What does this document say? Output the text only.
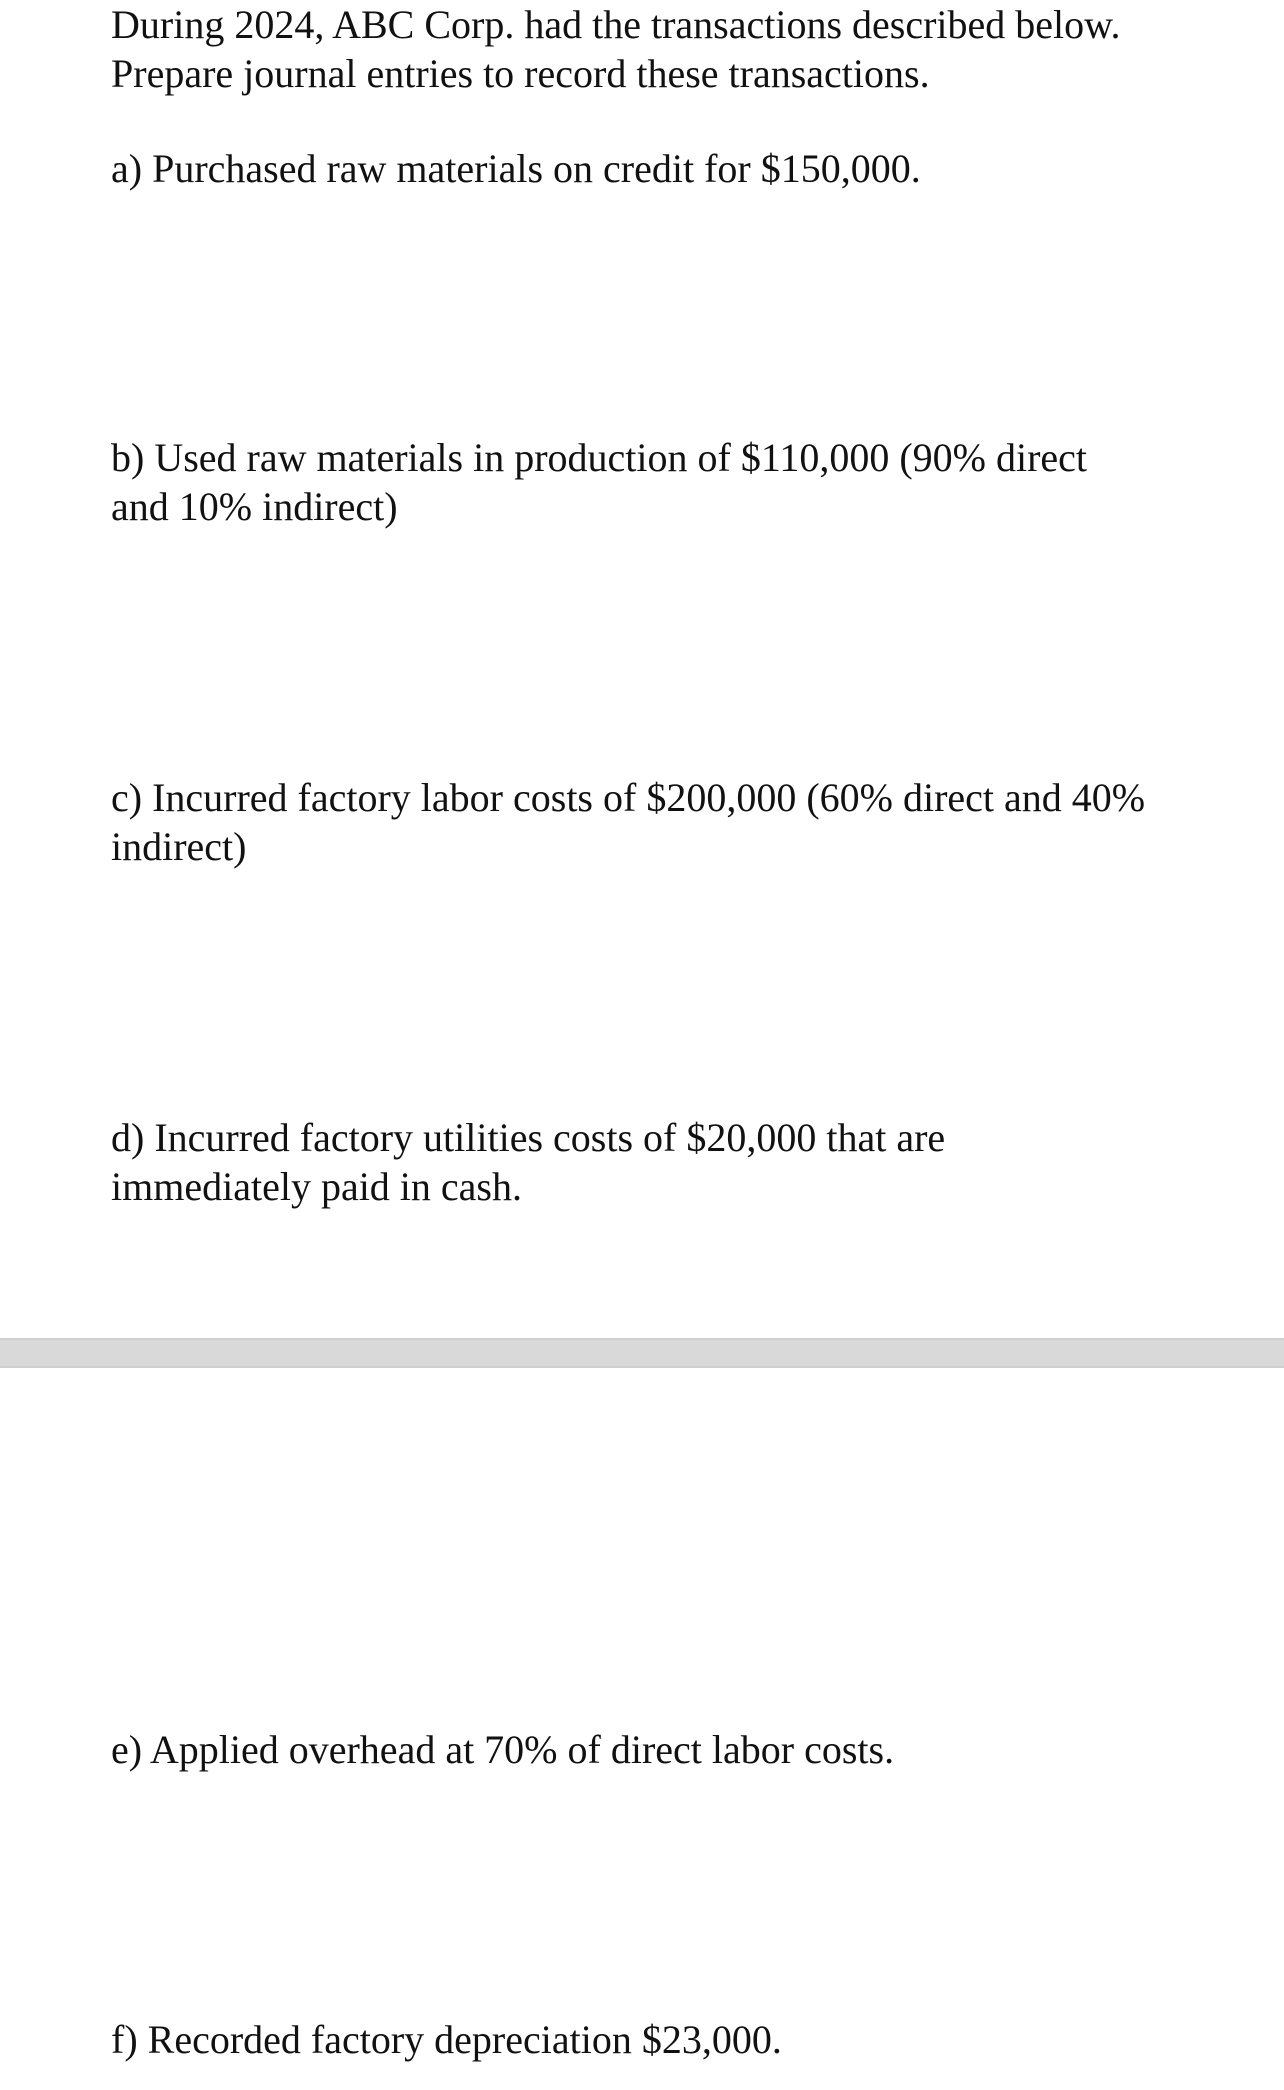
During 2024, ABC Corp. had the transactions described below.
Prepare journal entries to record these transactions.

a) Purchased raw materials on credit for $150,000.

b) Used raw materials in production of $110,000 (90% direct
and 10% indirect)

c) Incurred factory labor costs of $200,000 (60% direct and 40%
indirect)

d) Incurred factory utilities costs of $20,000 that are
immediately paid in cash.

e) Applied overhead at 70% of direct labor costs.

f) Recorded factory depreciation $23,000.
